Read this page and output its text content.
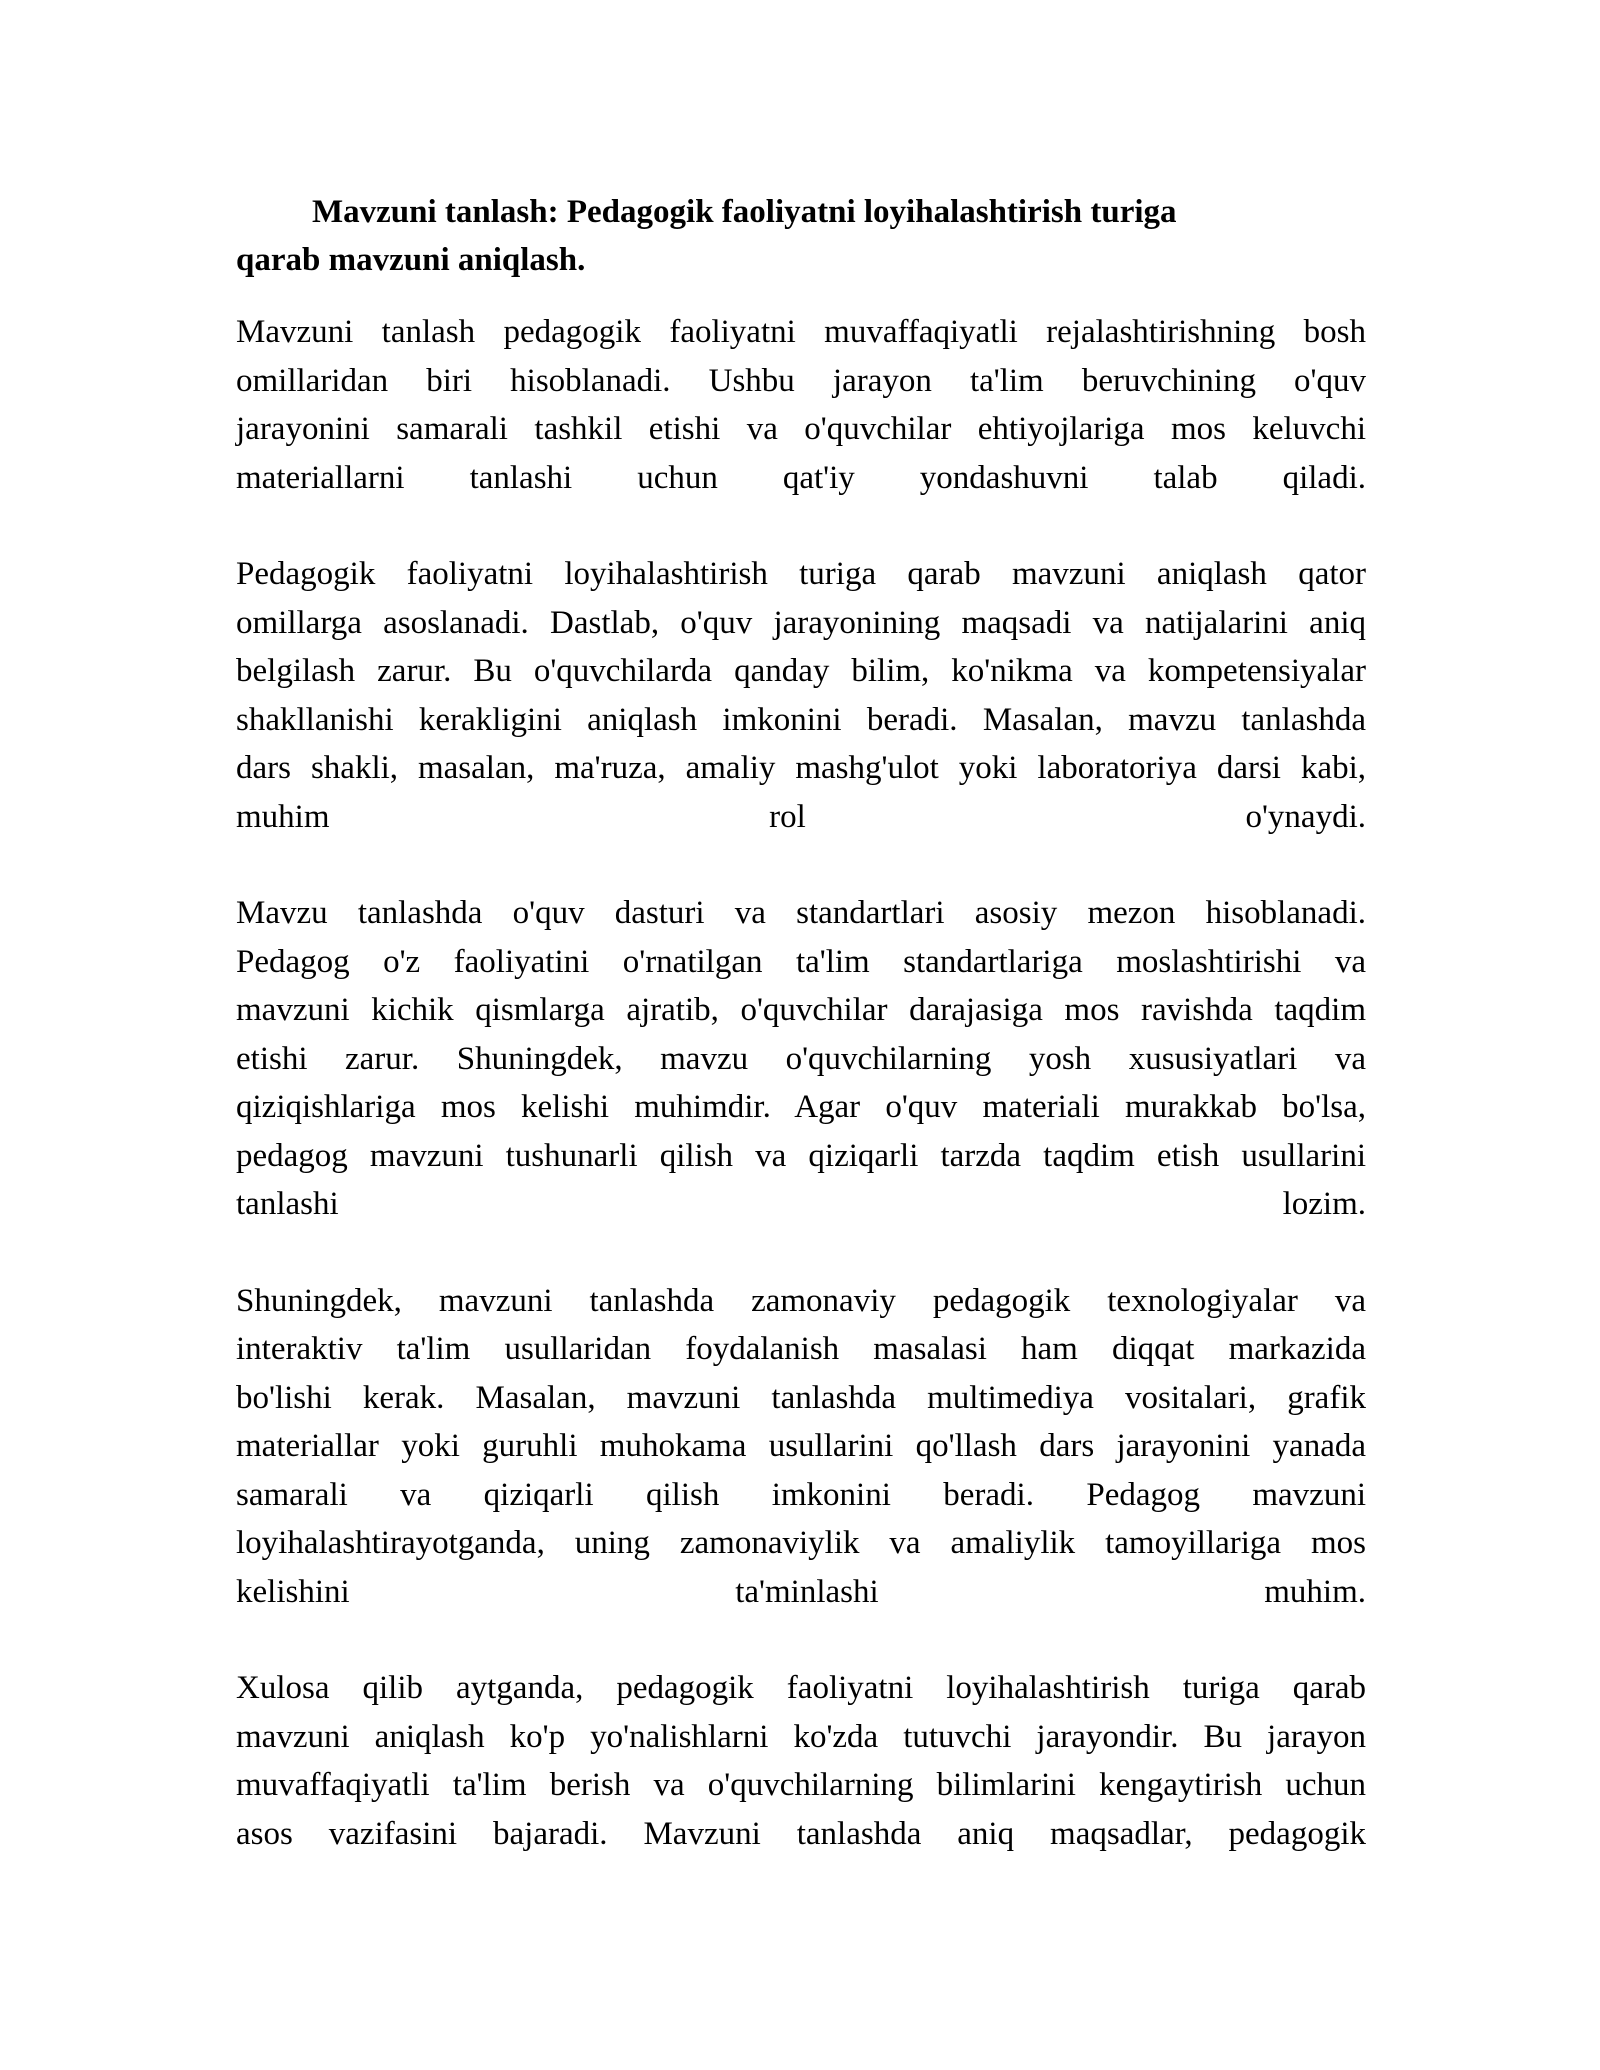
Mavzuni tanlash: Pedagogik faoliyatni loyihalashtirish turiga
qarab mavzuni aniqlash.
Mavzuni tanlash pedagogik faoliyatni muvaffaqiyatli rejalashtirishning bosh
omillaridan biri hisoblanadi. Ushbu jarayon ta'lim beruvchining o'quv
jarayonini samarali tashkil etishi va o'quvchilar ehtiyojlariga mos keluvchi
materiallarni tanlashi uchun qat'iy yondashuvni talab qiladi.
Pedagogik faoliyatni loyihalashtirish turiga qarab mavzuni aniqlash qator
omillarga asoslanadi. Dastlab, o'quv jarayonining maqsadi va natijalarini aniq
belgilash zarur. Bu o'quvchilarda qanday bilim, ko'nikma va kompetensiyalar
shakllanishi kerakligini aniqlash imkonini beradi. Masalan, mavzu tanlashda
dars shakli, masalan, ma'ruza, amaliy mashg'ulot yoki laboratoriya darsi kabi,
muhim rol o'ynaydi.
Mavzu tanlashda o'quv dasturi va standartlari asosiy mezon hisoblanadi.
Pedagog o'z faoliyatini o'rnatilgan ta'lim standartlariga moslashtirishi va
mavzuni kichik qismlarga ajratib, o'quvchilar darajasiga mos ravishda taqdim
etishi zarur. Shuningdek, mavzu o'quvchilarning yosh xususiyatlari va
qiziqishlariga mos kelishi muhimdir. Agar o'quv materiali murakkab bo'lsa,
pedagog mavzuni tushunarli qilish va qiziqarli tarzda taqdim etish usullarini
tanlashi lozim.
Shuningdek, mavzuni tanlashda zamonaviy pedagogik texnologiyalar va
interaktiv ta'lim usullaridan foydalanish masalasi ham diqqat markazida
bo'lishi kerak. Masalan, mavzuni tanlashda multimediya vositalari, grafik
materiallar yoki guruhli muhokama usullarini qo'llash dars jarayonini yanada
samarali va qiziqarli qilish imkonini beradi. Pedagog mavzuni
loyihalashtirayotganda, uning zamonaviylik va amaliylik tamoyillariga mos
kelishini ta'minlashi muhim.
Xulosa qilib aytganda, pedagogik faoliyatni loyihalashtirish turiga qarab
mavzuni aniqlash ko'p yo'nalishlarni ko'zda tutuvchi jarayondir. Bu jarayon
muvaffaqiyatli ta'lim berish va o'quvchilarning bilimlarini kengaytirish uchun
asos vazifasini bajaradi. Mavzuni tanlashda aniq maqsadlar, pedagogik
